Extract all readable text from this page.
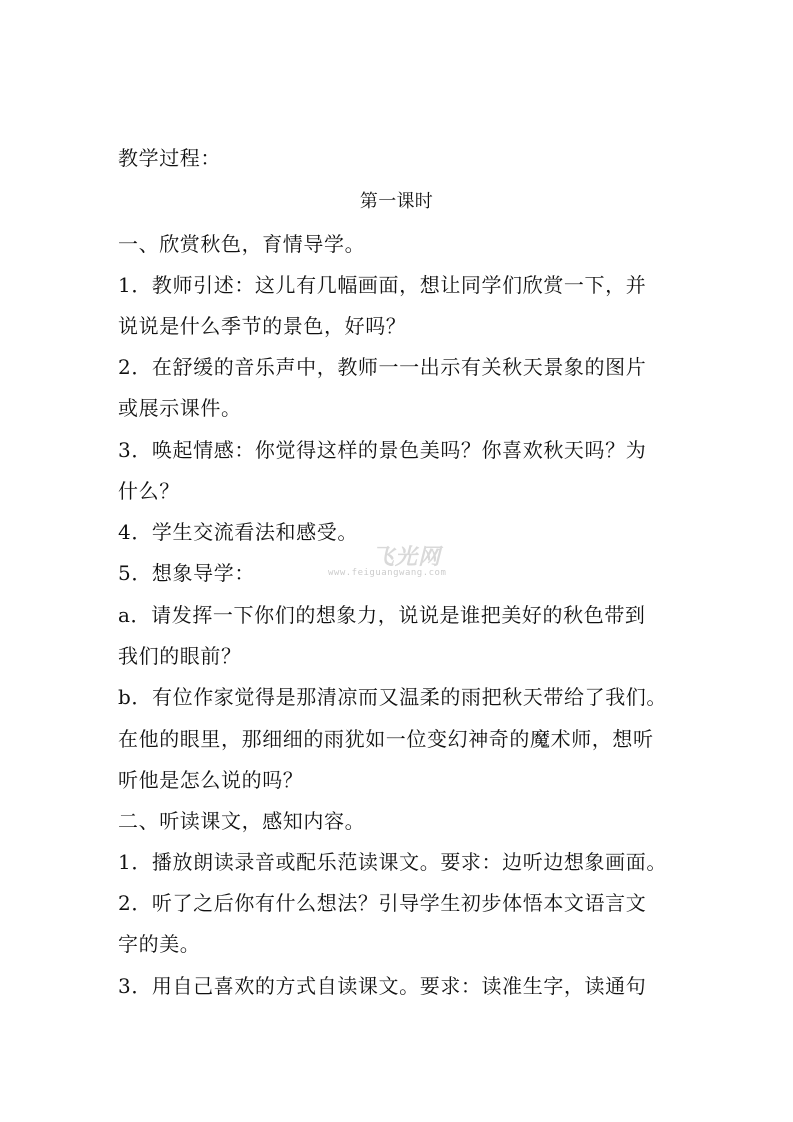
教学过程：
第一课时
一、欣赏秋色，育情导学。
1．教师引述：这儿有几幅画面，想让同学们欣赏一下，并
说说是什么季节的景色，好吗？
2．在舒缓的音乐声中，教师一一出示有关秋天景象的图片
或展示课件。
3．唤起情感：你觉得这样的景色美吗？你喜欢秋天吗？为
什么？
4．学生交流看法和感受。
5．想象导学：
a．请发挥一下你们的想象力，说说是谁把美好的秋色带到
我们的眼前？
b．有位作家觉得是那清凉而又温柔的雨把秋天带给了我们。
在他的眼里，那细细的雨犹如一位变幻神奇的魔术师，想听
听他是怎么说的吗？
二、听读课文，感知内容。
1．播放朗读录音或配乐范读课文。要求：边听边想象画面。
2．听了之后你有什么想法？引导学生初步体悟本文语言文
字的美。
3．用自己喜欢的方式自读课文。要求：读准生字，读通句
飞光网
www.feiguangwang.com
